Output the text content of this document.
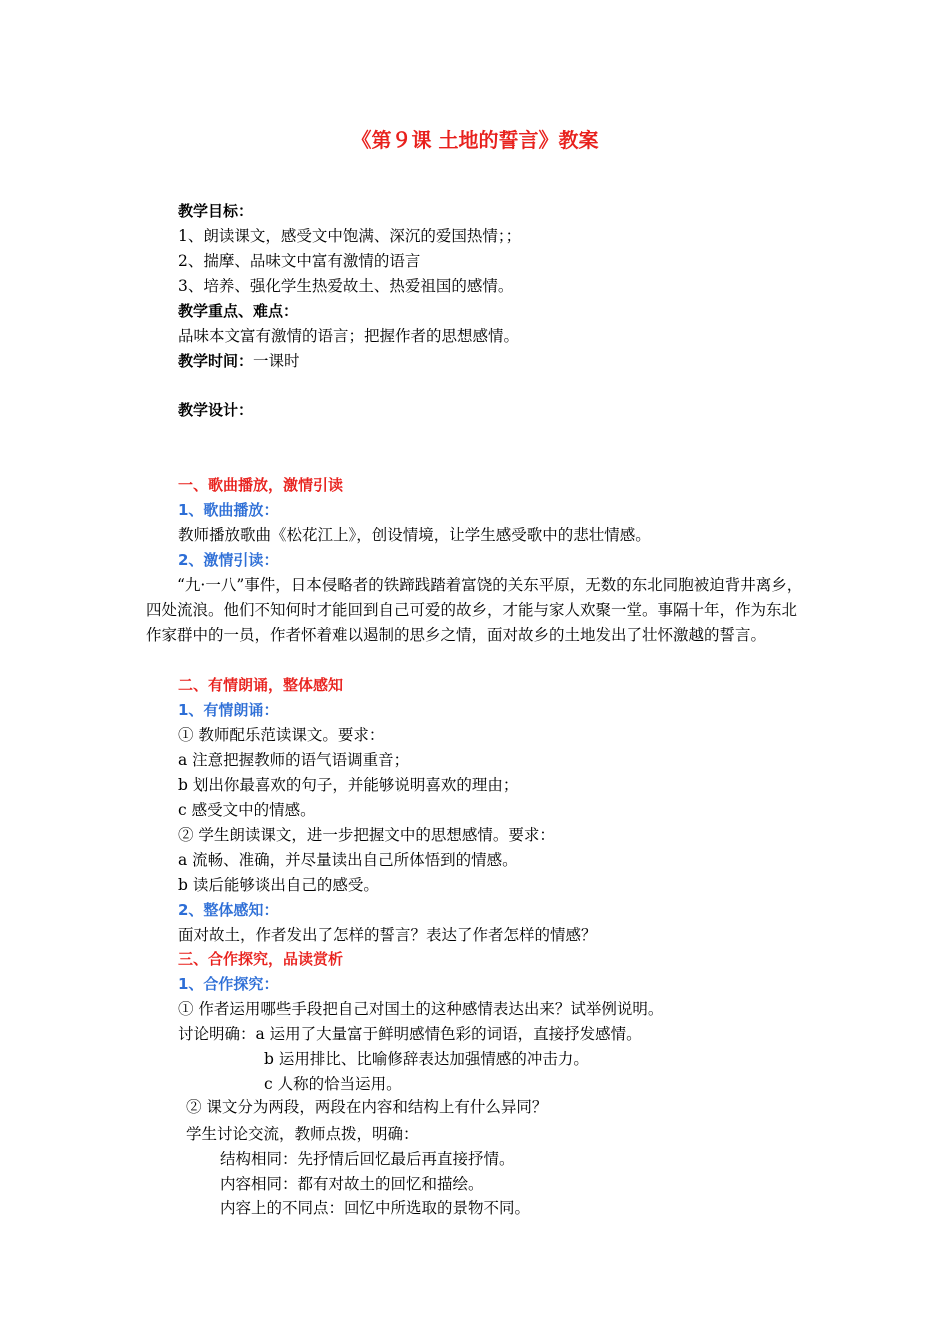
《第９课 土地的誓言》教案
教学目标：
1、朗读课文，感受文中饱满、深沉的爱国热情；；
2、揣摩、品味文中富有激情的语言
3、培养、强化学生热爱故土、热爱祖国的感情。
教学重点、难点：
品味本文富有激情的语言；把握作者的思想感情。
教学时间：一课时
教学设计：
一、歌曲播放，激情引读
1、歌曲播放：
教师播放歌曲《松花江上》，创设情境，让学生感受歌中的悲壮情感。
2、激情引读：
“九·一八”事件，日本侵略者的铁蹄践踏着富饶的关东平原，无数的东北同胞被迫背井离乡，四处流浪。他们不知何时才能回到自己可爱的故乡，才能与家人欢聚一堂。事隔十年，作为东北作家群中的一员，作者怀着难以遏制的思乡之情，面对故乡的土地发出了壮怀激越的誓言。
二、有情朗诵，整体感知
1、有情朗诵：
① 教师配乐范读课文。要求：
a 注意把握教师的语气语调重音；
b 划出你最喜欢的句子，并能够说明喜欢的理由；
c 感受文中的情感。
② 学生朗读课文，进一步把握文中的思想感情。要求：
a 流畅、准确，并尽量读出自己所体悟到的情感。
b 读后能够谈出自己的感受。
2、整体感知：
面对故土，作者发出了怎样的誓言？表达了作者怎样的情感？
三、合作探究，品读赏析
1、合作探究：
① 作者运用哪些手段把自己对国土的这种感情表达出来？试举例说明。
讨论明确：a 运用了大量富于鲜明感情色彩的词语，直接抒发感情。
b 运用排比、比喻修辞表达加强情感的冲击力。
c 人称的恰当运用。
② 课文分为两段，两段在内容和结构上有什么异同？
学生讨论交流，教师点拨，明确：
结构相同：先抒情后回忆最后再直接抒情。
内容相同：都有对故土的回忆和描绘。
内容上的不同点：回忆中所选取的景物不同。
